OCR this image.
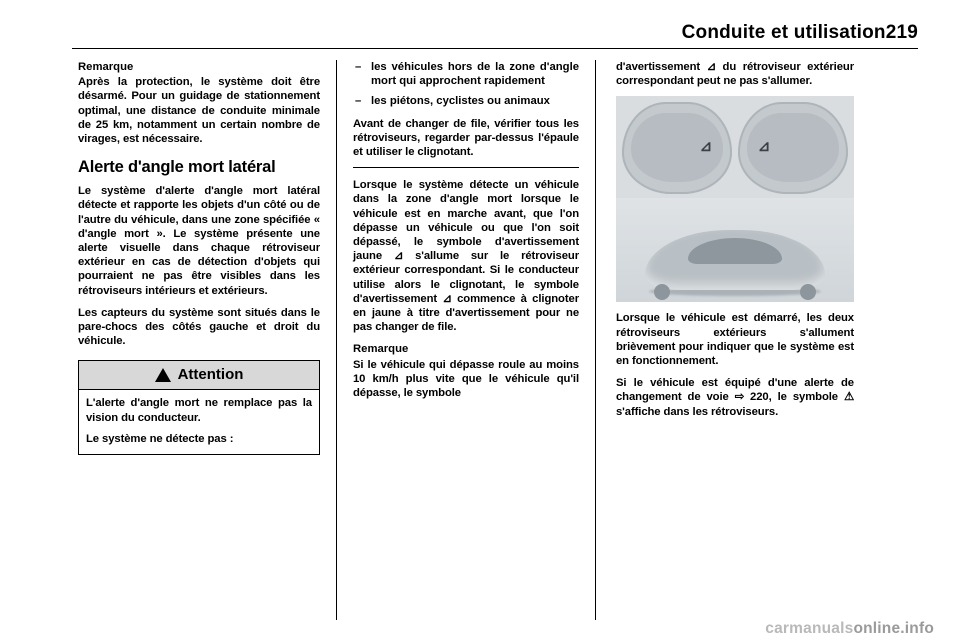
Conduite et utilisation219
Remarque

Après la protection, le système doit être désarmé. Pour un guidage de stationnement optimal, une distance de conduite minimale de 25 km, notamment un certain nombre de virages, est nécessaire.

Alerte d'angle mort latéral

Le système d'alerte d'angle mort latéral détecte et rapporte les objets d'un côté ou de l'autre du véhicule, dans une zone spécifiée « d'angle mort ». Le système présente une alerte visuelle dans chaque rétroviseur extérieur en cas de détection d'objets qui pourraient ne pas être visibles dans les rétroviseurs intérieurs et extérieurs.

Les capteurs du système sont situés dans le pare-chocs des côtés gauche et droit du véhicule.

Attention

L'alerte d'angle mort ne remplace pas la vision du conducteur.

Le système ne détecte pas :

– les véhicules hors de la zone d'angle mort qui approchent rapidement
– les piétons, cyclistes ou animaux

Avant de changer de file, vérifier tous les rétroviseurs, regarder par-dessus l'épaule et utiliser le clignotant.

Lorsque le système détecte un véhicule dans la zone d'angle mort lorsque le véhicule est en marche avant, que l'on dépasse un véhicule ou que l'on soit dépassé, le symbole d'avertissement jaune ⊿ s'allume sur le rétroviseur extérieur correspondant. Si le conducteur utilise alors le clignotant, le symbole d'avertissement ⊿ commence à clignoter en jaune à titre d'avertissement pour ne pas changer de file.

Remarque

Si le véhicule qui dépasse roule au moins 10 km/h plus vite que le véhicule qu'il dépasse, le symbole

d'avertissement ⊿ du rétroviseur extérieur correspondant peut ne pas s'allumer.

⊿	⊿

Lorsque le véhicule est démarré, les deux rétroviseurs extérieurs s'allument brièvement pour indiquer que le système est en fonctionnement.

Si le véhicule est équipé d'une alerte de changement de voie ⇨ 220, le symbole ⚠ s'affiche dans les rétroviseurs.

carmanualsonline.info
